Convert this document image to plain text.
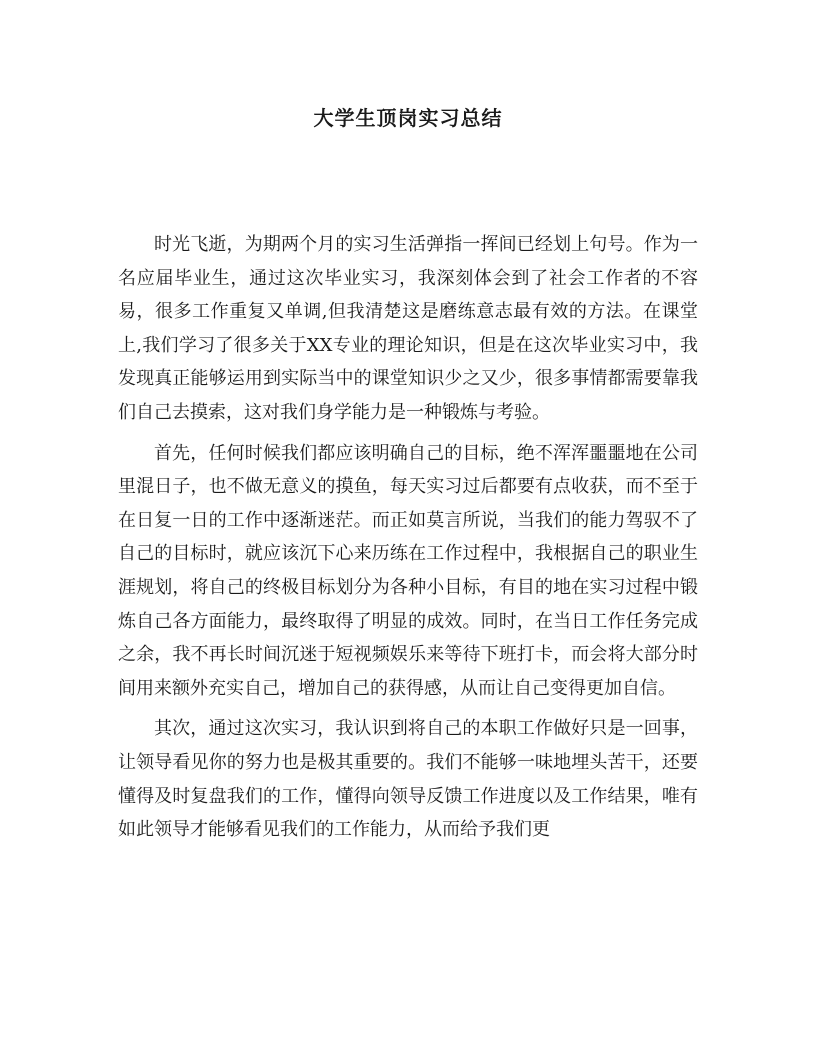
大学生顶岗实习总结

时光飞逝，为期两个月的实习生活弹指一挥间已经划上句号。作为一名应届毕业生，通过这次毕业实习，我深刻体会到了社会工作者的不容易，很多工作重复又单调,但我清楚这是磨练意志最有效的方法。在课堂上,我们学习了很多关于XX专业的理论知识，但是在这次毕业实习中，我发现真正能够运用到实际当中的课堂知识少之又少，很多事情都需要靠我们自己去摸索，这对我们身学能力是一种锻炼与考验。

首先，任何时候我们都应该明确自己的目标，绝不浑浑噩噩地在公司里混日子，也不做无意义的摸鱼，每天实习过后都要有点收获，而不至于在日复一日的工作中逐渐迷茫。而正如莫言所说，当我们的能力驾驭不了自己的目标时，就应该沉下心来历练在工作过程中，我根据自己的职业生涯规划，将自己的终极目标划分为各种小目标，有目的地在实习过程中锻炼自己各方面能力，最终取得了明显的成效。同时，在当日工作任务完成之余，我不再长时间沉迷于短视频娱乐来等待下班打卡，而会将大部分时间用来额外充实自己，增加自己的获得感，从而让自己变得更加自信。

其次，通过这次实习，我认识到将自己的本职工作做好只是一回事，让领导看见你的努力也是极其重要的。我们不能够一味地埋头苦干，还要懂得及时复盘我们的工作，懂得向领导反馈工作进度以及工作结果，唯有如此领导才能够看见我们的工作能力，从而给予我们更
